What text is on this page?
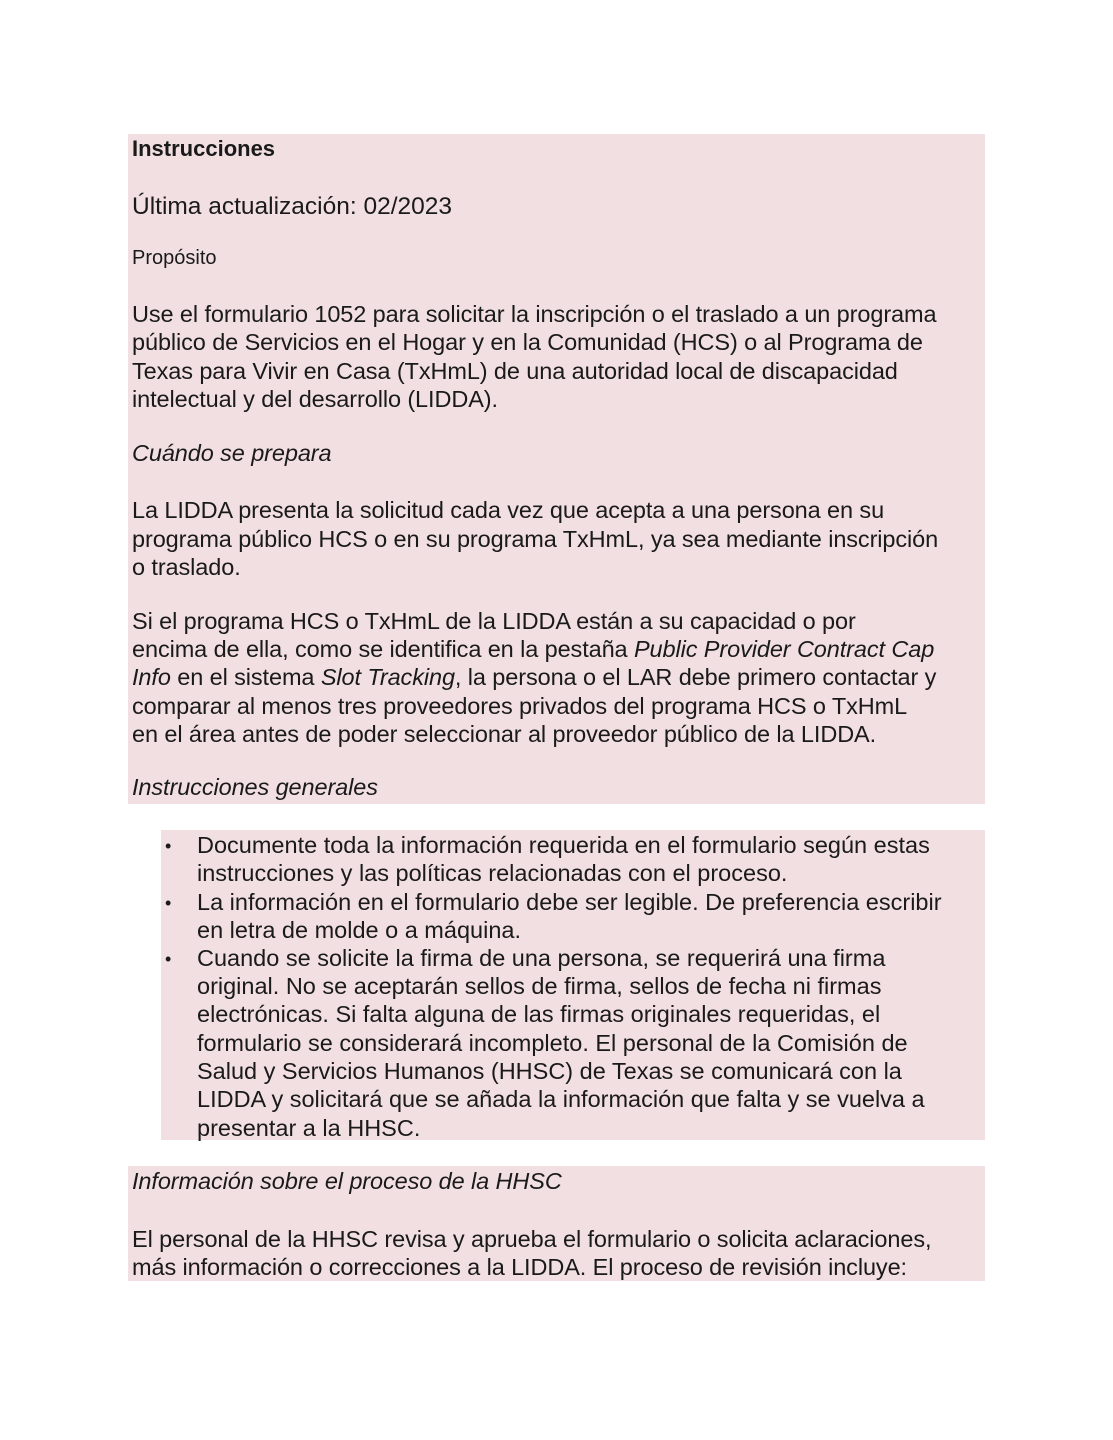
Instrucciones

Última actualización: 02/2023

Propósito

Use el formulario 1052 para solicitar la inscripción o el traslado a un programa

público de Servicios en el Hogar y en la Comunidad (HCS) o al Programa de

Texas para Vivir en Casa (TxHmL) de una autoridad local de discapacidad

intelectual y del desarrollo (LIDDA).

Cuándo se prepara

La LIDDA presenta la solicitud cada vez que acepta a una persona en su

programa público HCS o en su programa TxHmL, ya sea mediante inscripción

o traslado.

Si el programa HCS o TxHmL de la LIDDA están a su capacidad o por

encima de ella, como se identifica en la pestaña Public Provider Contract Cap

Info en el sistema Slot Tracking, la persona o el LAR debe primero contactar y

comparar al menos tres proveedores privados del programa HCS o TxHmL

en el área antes de poder seleccionar al proveedor público de la LIDDA.

Instrucciones generales

• Documente toda la información requerida en el formulario según estas

instrucciones y las políticas relacionadas con el proceso.

• La información en el formulario debe ser legible. De preferencia escribir

en letra de molde o a máquina.

• Cuando se solicite la firma de una persona, se requerirá una firma

original. No se aceptarán sellos de firma, sellos de fecha ni firmas

electrónicas. Si falta alguna de las firmas originales requeridas, el

formulario se considerará incompleto. El personal de la Comisión de

Salud y Servicios Humanos (HHSC) de Texas se comunicará con la

LIDDA y solicitará que se añada la información que falta y se vuelva a

presentar a la HHSC.

Información sobre el proceso de la HHSC

El personal de la HHSC revisa y aprueba el formulario o solicita aclaraciones,

más información o correcciones a la LIDDA. El proceso de revisión incluye:
